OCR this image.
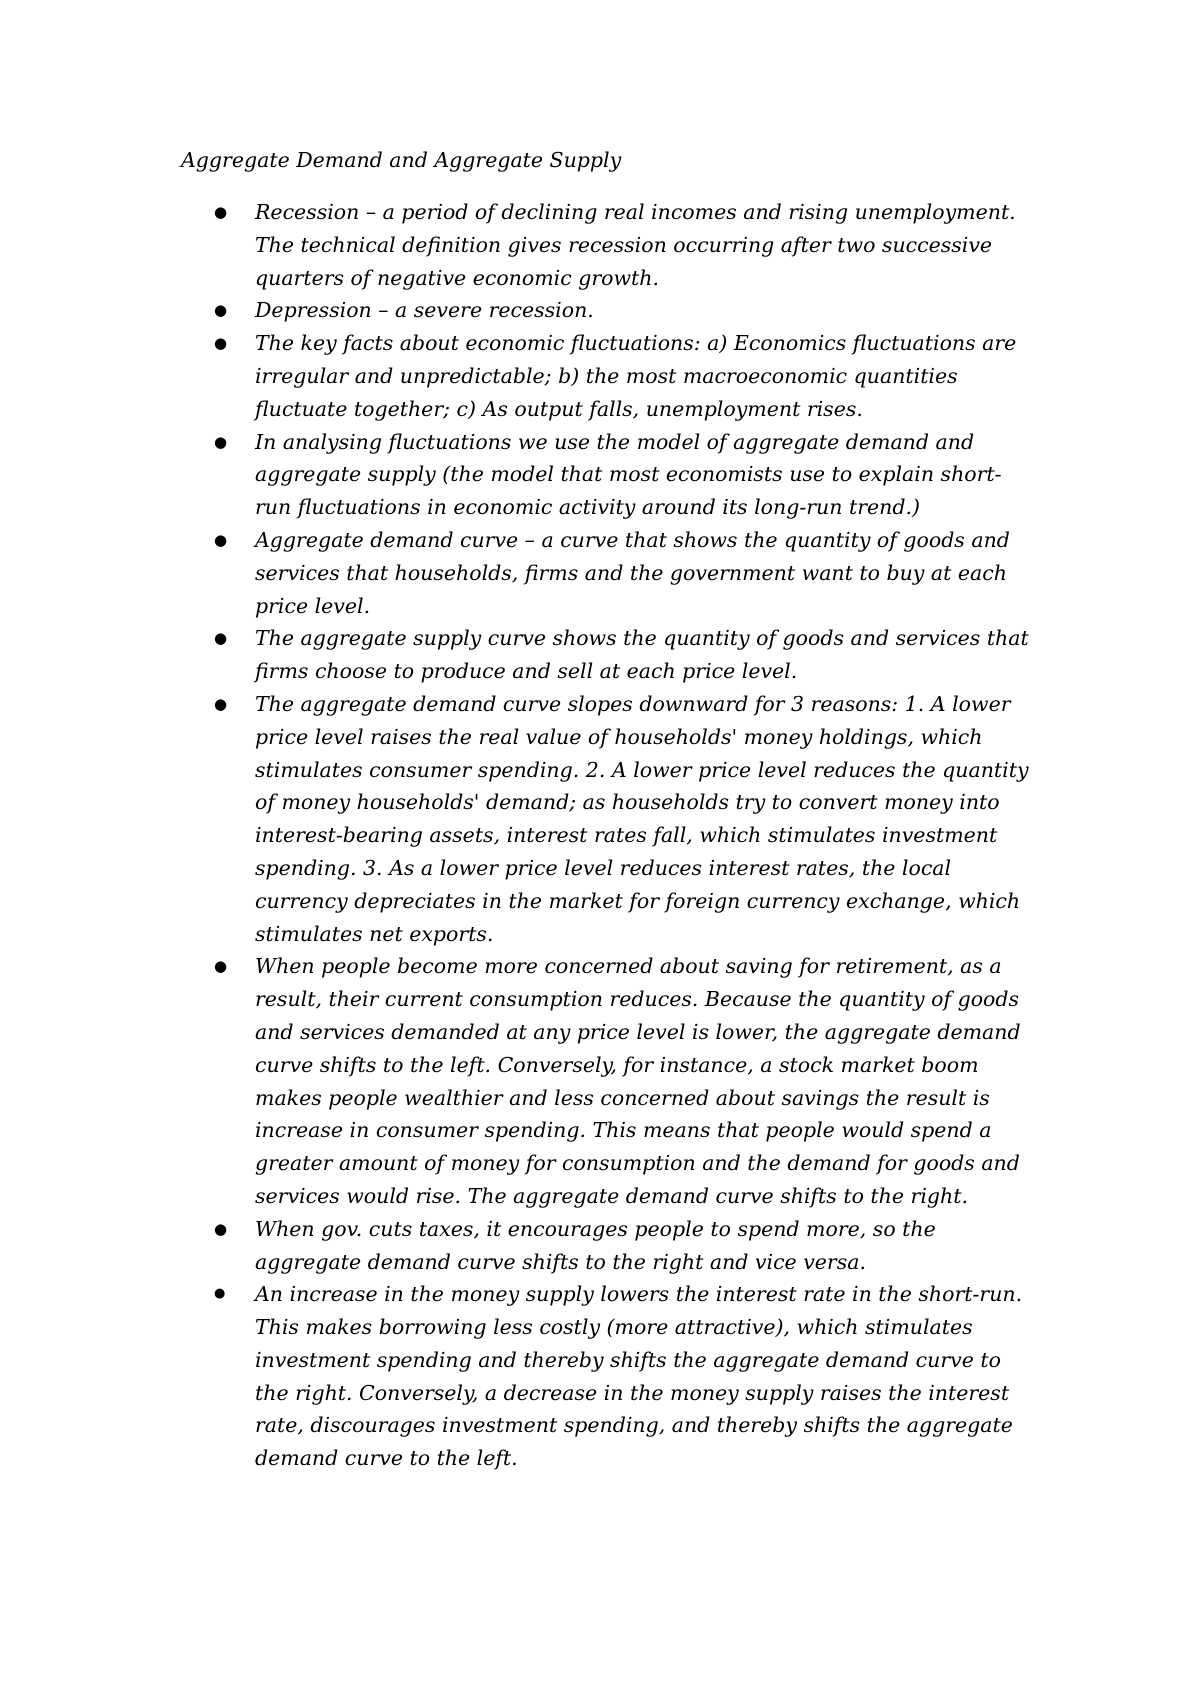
Aggregate Demand and Aggregate Supply
● Recession – a period of declining real incomes and rising unemployment. The technical definition gives recession occurring after two successive quarters of negative economic growth.
● Depression – a severe recession.
● The key facts about economic fluctuations: a) Economics fluctuations are irregular and unpredictable; b) the most macroeconomic quantities fluctuate together; c) As output falls, unemployment rises.
● In analysing fluctuations we use the model of aggregate demand and aggregate supply (the model that most economists use to explain short-run fluctuations in economic activity around its long-run trend.)
● Aggregate demand curve – a curve that shows the quantity of goods and services that households, firms and the government want to buy at each price level.
● The aggregate supply curve shows the quantity of goods and services that firms choose to produce and sell at each price level.
● The aggregate demand curve slopes downward for 3 reasons: 1. A lower price level raises the real value of households' money holdings, which stimulates consumer spending. 2. A lower price level reduces the quantity of money households' demand; as households try to convert money into interest-bearing assets, interest rates fall, which stimulates investment spending. 3. As a lower price level reduces interest rates, the local currency depreciates in the market for foreign currency exchange, which stimulates net exports.
● When people become more concerned about saving for retirement, as a result, their current consumption reduces. Because the quantity of goods and services demanded at any price level is lower, the aggregate demand curve shifts to the left. Conversely, for instance, a stock market boom makes people wealthier and less concerned about savings the result is increase in consumer spending. This means that people would spend a greater amount of money for consumption and the demand for goods and services would rise. The aggregate demand curve shifts to the right.
● When gov. cuts taxes, it encourages people to spend more, so the aggregate demand curve shifts to the right and vice versa.
● An increase in the money supply lowers the interest rate in the short-run. This makes borrowing less costly (more attractive), which stimulates investment spending and thereby shifts the aggregate demand curve to the right. Conversely, a decrease in the money supply raises the interest rate, discourages investment spending, and thereby shifts the aggregate demand curve to the left.
